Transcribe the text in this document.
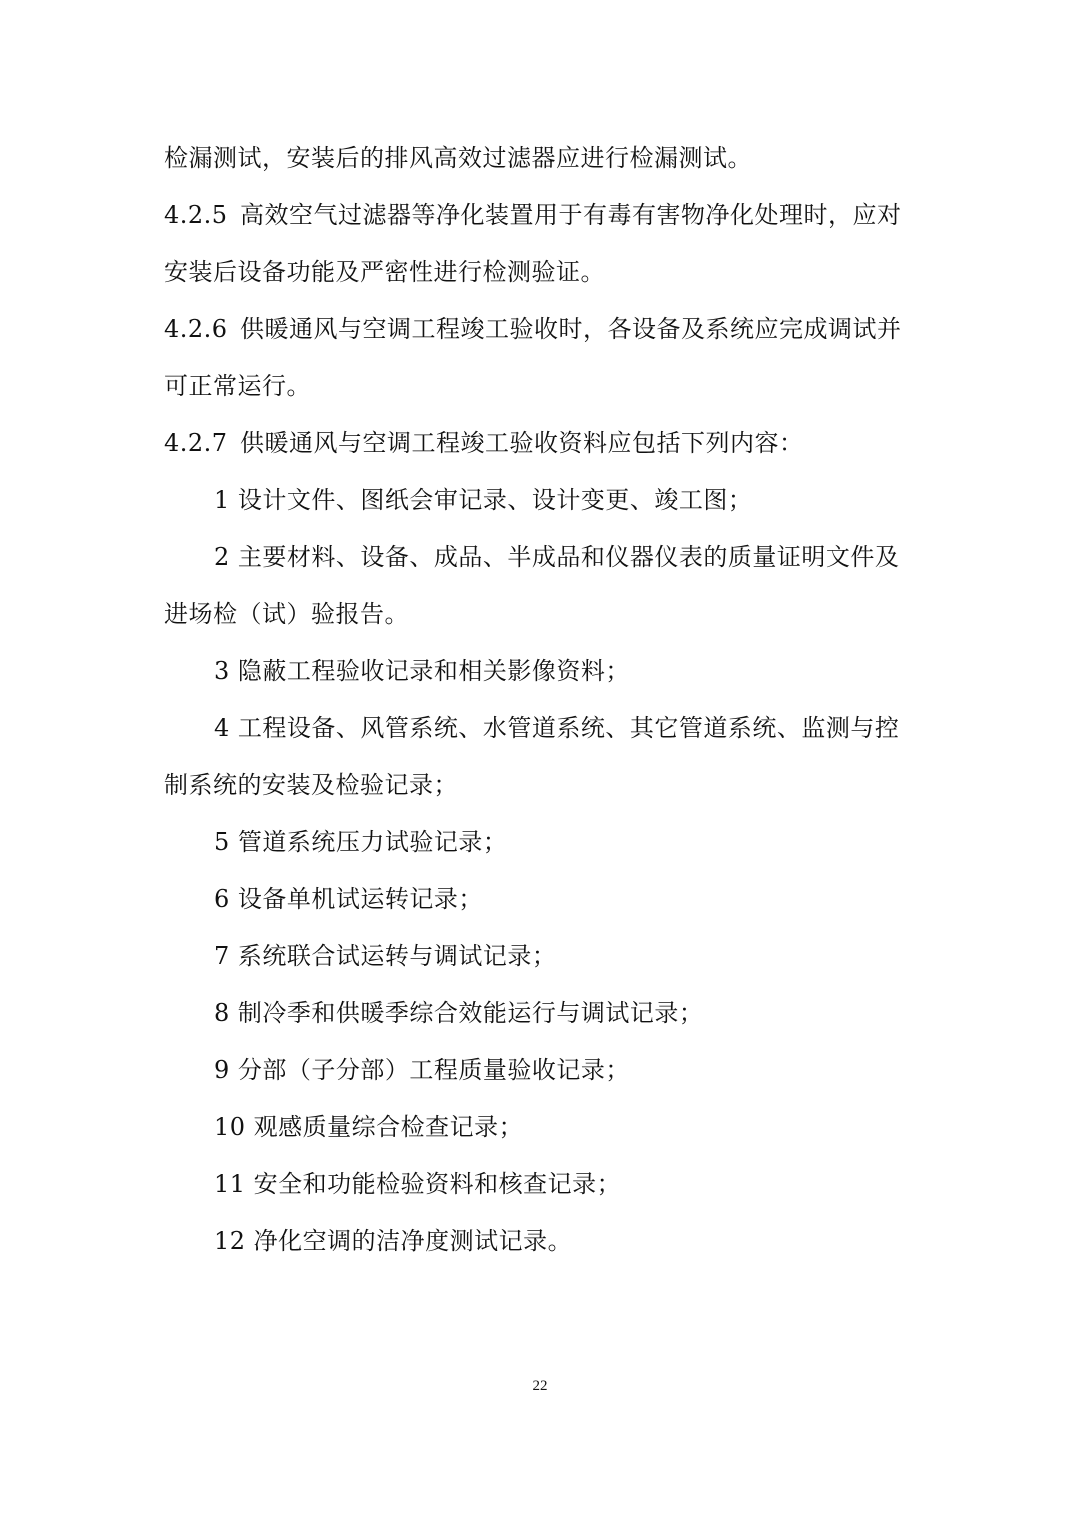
检漏测试，安装后的排风高效过滤器应进行检漏测试。
4.2.5 高效空气过滤器等净化装置用于有毒有害物净化处理时，应对
安装后设备功能及严密性进行检测验证。
4.2.6 供暖通风与空调工程竣工验收时，各设备及系统应完成调试并
可正常运行。
4.2.7 供暖通风与空调工程竣工验收资料应包括下列内容：
1 设计文件、图纸会审记录、设计变更、竣工图；
2 主要材料、设备、成品、半成品和仪器仪表的质量证明文件及
进场检（试）验报告。
3 隐蔽工程验收记录和相关影像资料；
4 工程设备、风管系统、水管道系统、其它管道系统、监测与控
制系统的安装及检验记录；
5 管道系统压力试验记录；
6 设备单机试运转记录；
7 系统联合试运转与调试记录；
8 制冷季和供暖季综合效能运行与调试记录；
9 分部（子分部）工程质量验收记录；
10 观感质量综合检查记录；
11 安全和功能检验资料和核查记录；
12 净化空调的洁净度测试记录。
22
